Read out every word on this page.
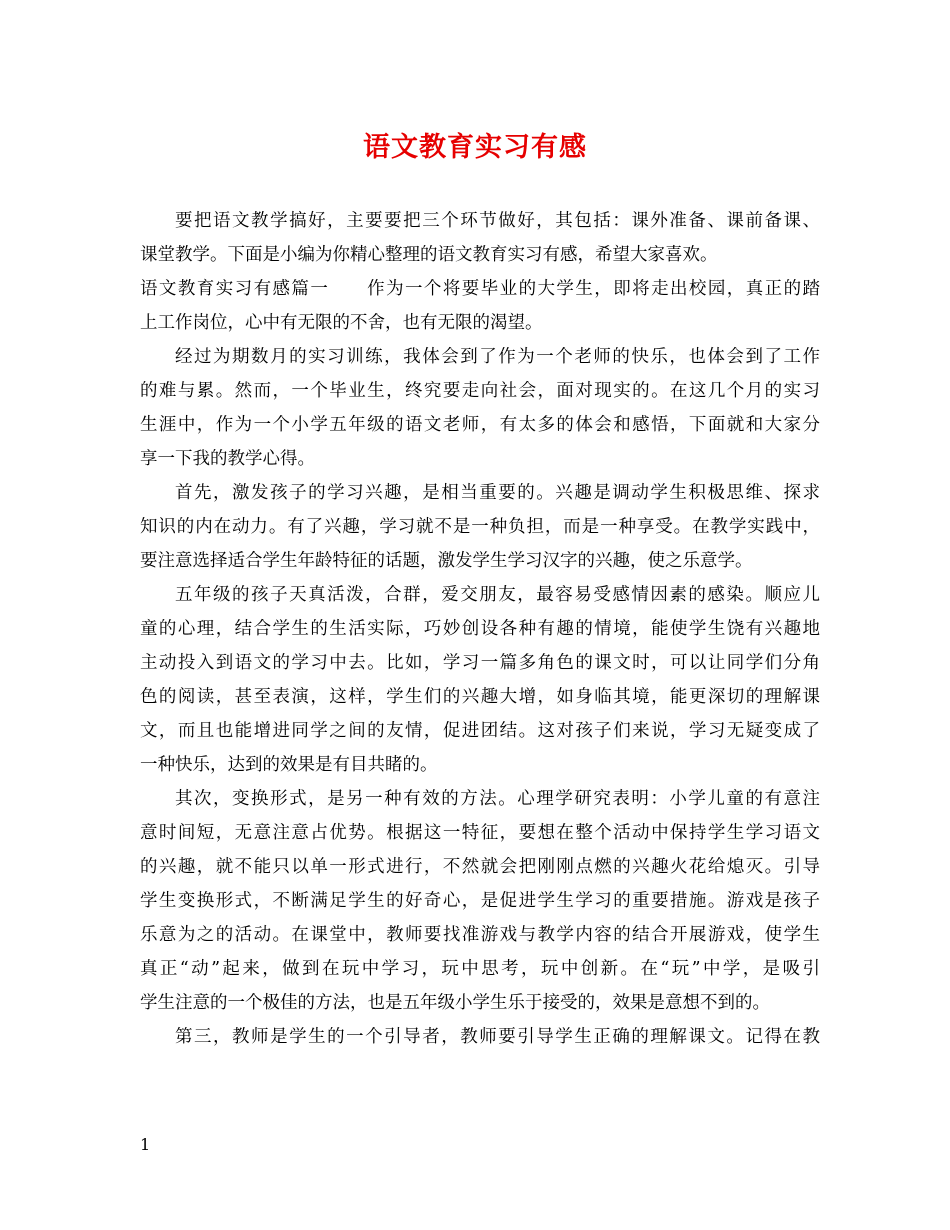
语文教育实习有感
要把语文教学搞好，主要要把三个环节做好，其包括：课外准备、课前备课、
课堂教学。下面是小编为你精心整理的语文教育实习有感，希望大家喜欢。
语文教育实习有感篇一　　作为一个将要毕业的大学生，即将走出校园，真正的踏
上工作岗位，心中有无限的不舍，也有无限的渴望。
经过为期数月的实习训练，我体会到了作为一个老师的快乐，也体会到了工作
的难与累。然而，一个毕业生，终究要走向社会，面对现实的。在这几个月的实习
生涯中，作为一个小学五年级的语文老师，有太多的体会和感悟，下面就和大家分
享一下我的教学心得。
首先，激发孩子的学习兴趣，是相当重要的。兴趣是调动学生积极思维、探求
知识的内在动力。有了兴趣，学习就不是一种负担，而是一种享受。在教学实践中，
要注意选择适合学生年龄特征的话题，激发学生学习汉字的兴趣，使之乐意学。
五年级的孩子天真活泼，合群，爱交朋友，最容易受感情因素的感染。顺应儿
童的心理，结合学生的生活实际，巧妙创设各种有趣的情境，能使学生饶有兴趣地
主动投入到语文的学习中去。比如，学习一篇多角色的课文时，可以让同学们分角
色的阅读，甚至表演，这样，学生们的兴趣大增，如身临其境，能更深切的理解课
文，而且也能增进同学之间的友情，促进团结。这对孩子们来说，学习无疑变成了
一种快乐，达到的效果是有目共睹的。
其次，变换形式，是另一种有效的方法。心理学研究表明：小学儿童的有意注
意时间短，无意注意占优势。根据这一特征，要想在整个活动中保持学生学习语文
的兴趣，就不能只以单一形式进行，不然就会把刚刚点燃的兴趣火花给熄灭。引导
学生变换形式，不断满足学生的好奇心，是促进学生学习的重要措施。游戏是孩子
乐意为之的活动。在课堂中，教师要找准游戏与教学内容的结合开展游戏，使学生
真正“动”起来，做到在玩中学习，玩中思考，玩中创新。在“玩”中学，是吸引
学生注意的一个极佳的方法，也是五年级小学生乐于接受的，效果是意想不到的。
第三，教师是学生的一个引导者，教师要引导学生正确的理解课文。记得在教
1
